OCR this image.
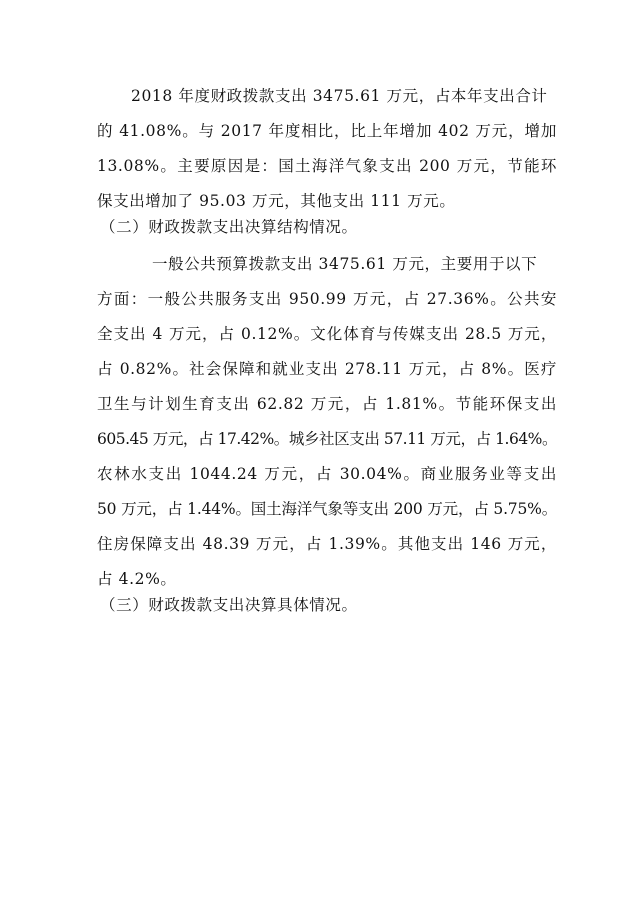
2018 年度财政拨款支出 3475.61 万元，占本年支出合计
的 41.08%。与 2017 年度相比，比上年增加 402 万元，增加
13.08%。主要原因是：国土海洋气象支出 200 万元，节能环
保支出增加了 95.03 万元，其他支出 111 万元。
（二）财政拨款支出决算结构情况。
一般公共预算拨款支出 3475.61 万元，主要用于以下
方面：一般公共服务支出 950.99 万元，占 27.36%。公共安
全支出 4 万元，占 0.12%。文化体育与传媒支出 28.5 万元，
占 0.82%。社会保障和就业支出 278.11 万元，占 8%。医疗
卫生与计划生育支出 62.82 万元，占 1.81%。节能环保支出
605.45 万元，占 17.42%。城乡社区支出 57.11 万元，占 1.64%。
农林水支出 1044.24 万元，占 30.04%。商业服务业等支出
50 万元，占 1.44%。国土海洋气象等支出 200 万元，占 5.75%。
住房保障支出 48.39 万元，占 1.39%。其他支出 146 万元，
占 4.2%。
（三）财政拨款支出决算具体情况。
